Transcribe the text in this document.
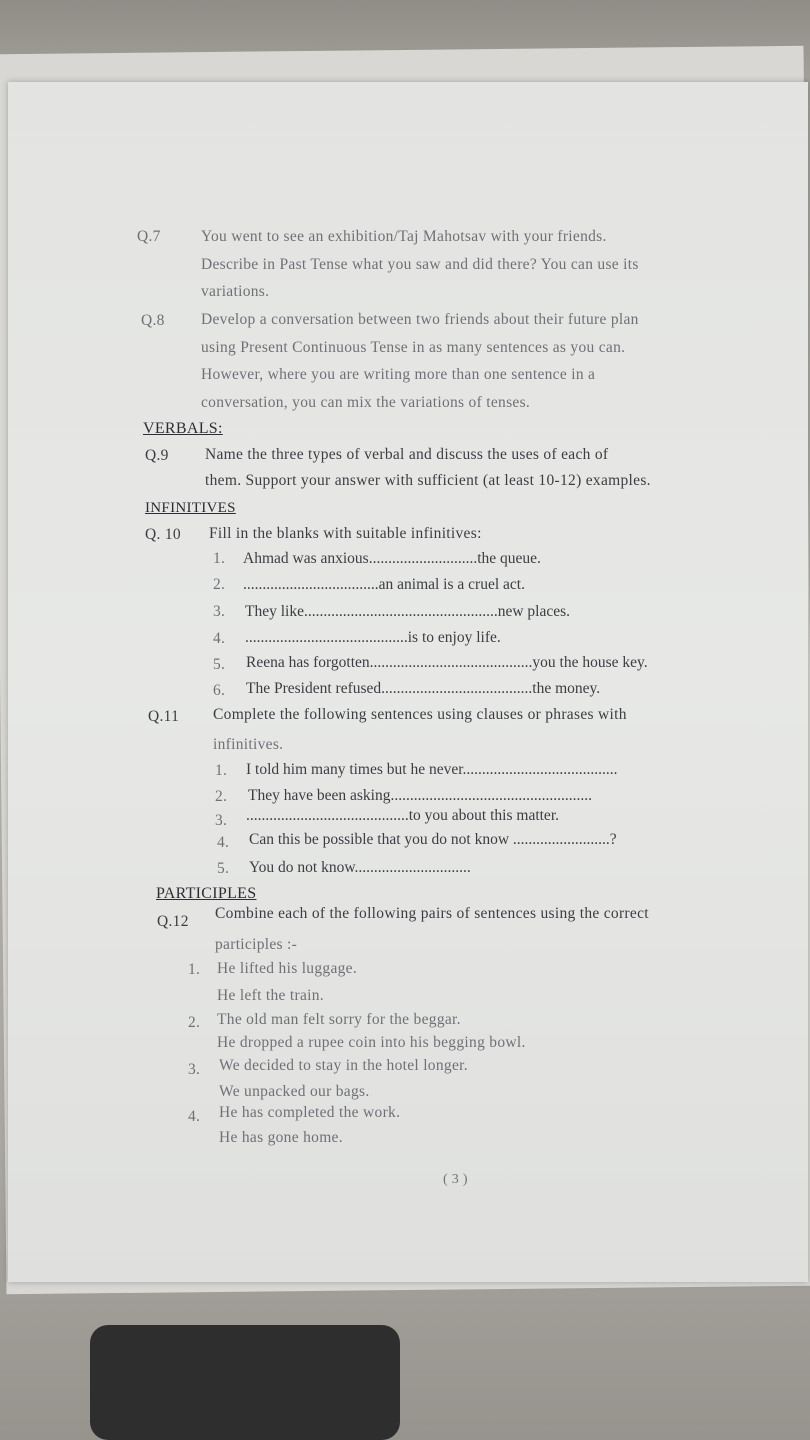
Q.7	You went to see an exhibition/Taj Mahotsav with your friends.
Describe in Past Tense what you saw and did there? You can use its
variations.
Q.8 Develop a conversation between two friends about their future plan
using Present Continuous Tense in as many sentences as you can.
However, where you are writing more than one sentence in a
conversation, you can mix the variations of tenses.
VERBALS:
Q.9 Name the three types of verbal and discuss the uses of each of
them. Support your answer with sufficient (at least 10-12) examples.
INFINITIVES
Q. 10 Fill in the blanks with suitable infinitives:
1. Ahmad was anxious............................the queue.
2. ...................................an animal is a cruel act.
3. They like..................................................new places.
4. ..........................................is to enjoy life.
5. Reena has forgotten..........................................you the house key.
6. The President refused.......................................the money.
Q.11 Complete the following sentences using clauses or phrases with
infinitives.
1. I told him many times but he never........................................
2. They have been asking....................................................
3. ..........................................to you about this matter.
4. Can this be possible that you do not know .........................?
5. You do not know..............................
PARTICIPLES
Q.12 Combine each of the following pairs of sentences using the correct
participles :-
1. He lifted his luggage.
He left the train.
2. The old man felt sorry for the beggar.
He dropped a rupee coin into his begging bowl.
3. We decided to stay in the hotel longer.
We unpacked our bags.
4. He has completed the work.
He has gone home.
( 3 )
